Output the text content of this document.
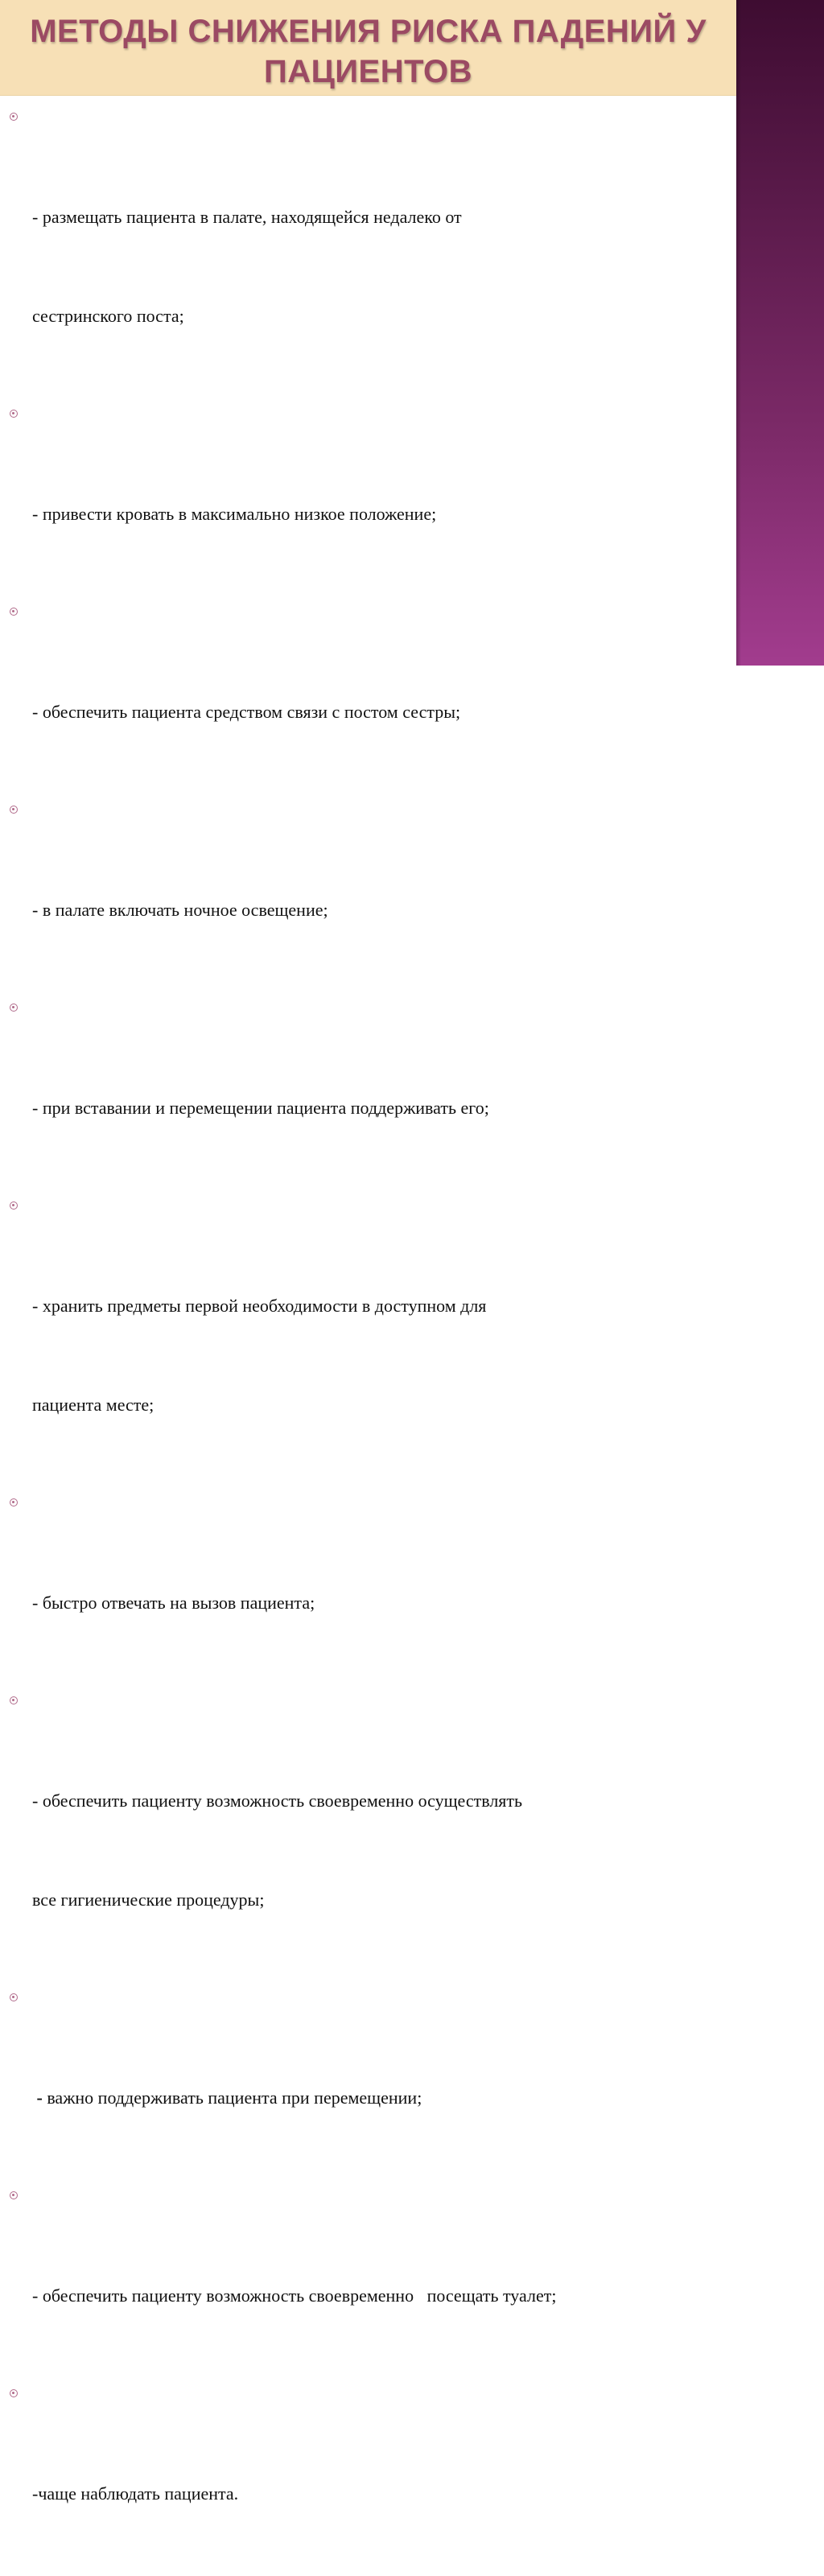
МЕТОДЫ СНИЖЕНИЯ РИСКА ПАДЕНИЙ У
ПАЦИЕНТОВ

- размещать пациента в палате, находящейся недалеко от

сестринского поста;

- привести кровать в максимально низкое положение;

- обеспечить пациента средством связи с постом сестры;

- в палате включать ночное освещение;

- при вставании и перемещении пациента поддерживать его;

- хранить предметы первой необходимости в доступном для

пациента месте;

- быстро отвечать на вызов пациента;

- обеспечить пациенту возможность своевременно осуществлять

все гигиенические процедуры;

- важно поддерживать пациента при перемещении;

- обеспечить пациенту возможность своевременно   посещать туалет;

-чаще наблюдать пациента.
